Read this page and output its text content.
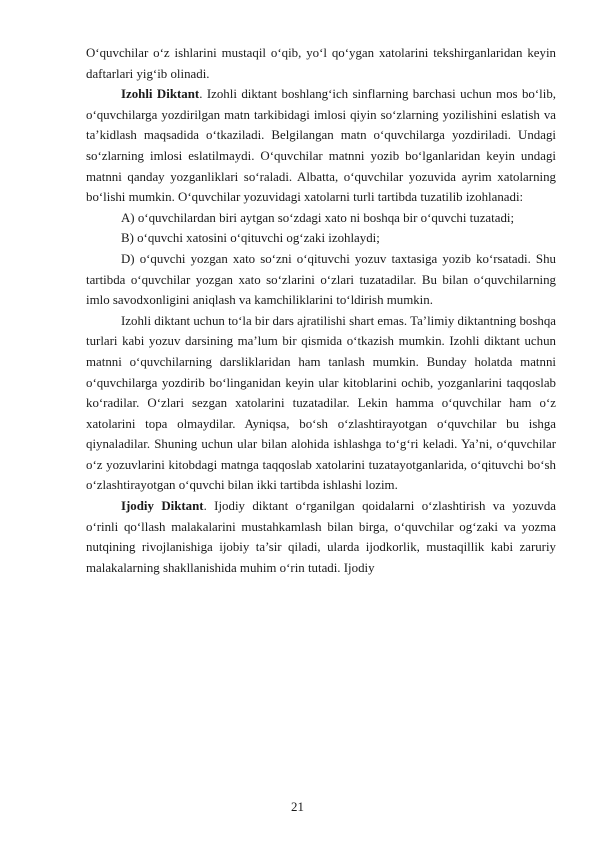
O‘quvchilar o‘z ishlarini mustaqil o‘qib, yo‘l qo‘ygan xatolarini tekshirganlaridan keyin daftarlari yig‘ib olinadi.

Izohli Diktant. Izohli diktant boshlang‘ich sinflarning barchasi uchun mos bo‘lib, o‘quvchilarga yozdirilgan matn tarkibidagi imlosi qiyin so‘zlarning yozilishini eslatish va ta’kidlash maqsadida o‘tkaziladi. Belgilangan matn o‘quvchilarga yozdiriladi. Undagi so‘zlarning imlosi eslatilmaydi. O‘quvchilar matnni yozib bo‘lganlaridan keyin undagi matnni qanday yozganliklari so‘raladi. Albatta, o‘quvchilar yozuvida ayrim xatolarning bo‘lishi mumkin. O‘quvchilar yozuvidagi xatolarni turli tartibda tuzatilib izohlanadi:

A) o‘quvchilardan biri aytgan so‘zdagi xato ni boshqa bir o‘quvchi tuzatadi;

B) o‘quvchi xatosini o‘qituvchi og‘zaki izohlaydi;

D) o‘quvchi yozgan xato so‘zni o‘qituvchi yozuv taxtasiga yozib ko‘rsatadi. Shu tartibda o‘quvchilar yozgan xato so‘zlarini o‘zlari tuzatadilar. Bu bilan o‘quvchilarning imlo savodxonligini aniqlash va kamchiliklarini to‘ldirish mumkin.

Izohli diktant uchun to‘la bir dars ajratilishi shart emas. Ta’limiy diktantning boshqa turlari kabi yozuv darsining ma’lum bir qismida o‘tkazish mumkin. Izohli diktant uchun matnni o‘quvchilarning darsliklaridan ham tanlash mumkin. Bunday holatda matnni o‘quvchilarga yozdirib bo‘linganidan keyin ular kitoblarini ochib, yozganlarini taqqoslab ko‘radilar. O‘zlari sezgan xatolarini tuzatadilar. Lekin hamma o‘quvchilar ham o‘z xatolarini topa olmaydilar. Ayniqsa, bo‘sh o‘zlashtirayotgan o‘quvchilar bu ishga qiynaladilar. Shuning uchun ular bilan alohida ishlashga to‘g‘ri keladi. Ya’ni, o‘quvchilar o‘z yozuvlarini kitobdagi matnga taqqoslab xatolarini tuzatayotganlarida, o‘qituvchi bo‘sh o‘zlashtirayotgan o‘quvchi bilan ikki tartibda ishlashi lozim.

Ijodiy Diktant. Ijodiy diktant o‘rganilgan qoidalarni o‘zlashtirish va yozuvda o‘rinli qo‘llash malakalarini mustahkamlash bilan birga, o‘quvchilar og‘zaki va yozma nutqining rivojlanishiga ijobiy ta’sir qiladi, ularda ijodkorlik, mustaqillik kabi zaruriy malakalarning shakllanishida muhim o‘rin tutadi. Ijodiy

21
